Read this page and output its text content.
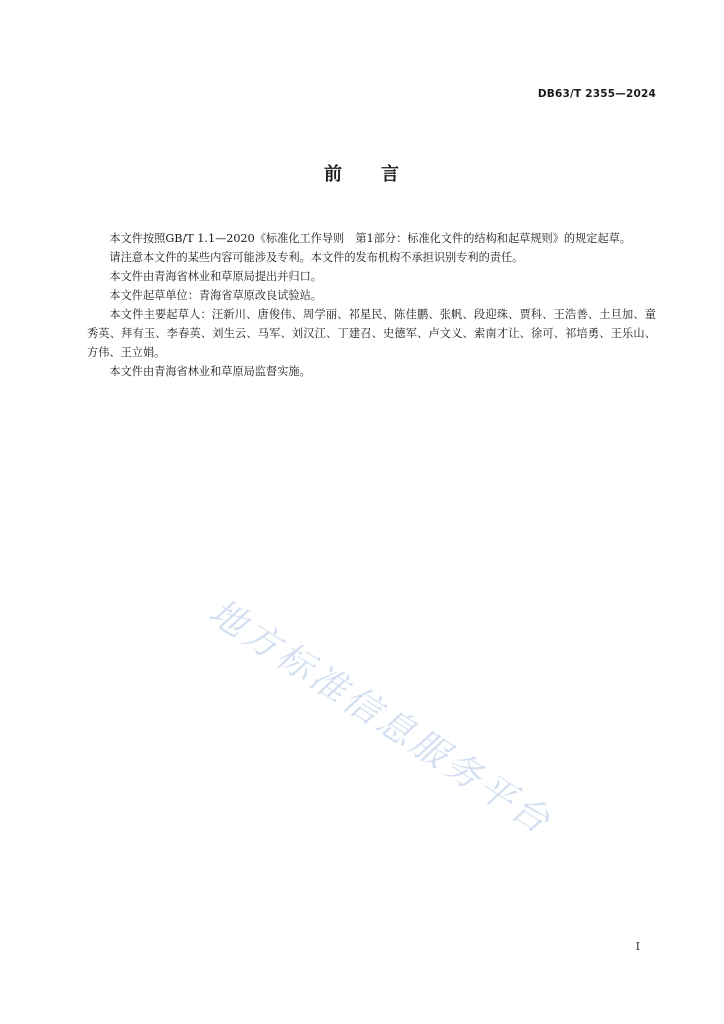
DB63/T 2355—2024
前　　言

本文件按照GB/T 1.1—2020《标准化工作导则　第1部分：标准化文件的结构和起草规则》的规定起草。

请注意本文件的某些内容可能涉及专利。本文件的发布机构不承担识别专利的责任。

本文件由青海省林业和草原局提出并归口。

本文件起草单位：青海省草原改良试验站。

本文件主要起草人：汪新川、唐俊伟、周学丽、祁星民、陈佳鹏、张帆、段迎珠、贾科、王浩善、土旦加、童秀英、拜有玉、李春英、刘生云、马军、刘汉江、丁建召、史德军、卢文义、索南才让、徐可、祁培勇、王乐山、方伟、王立娟。

本文件由青海省林业和草原局监督实施。

地方标准信息服务平台
I
